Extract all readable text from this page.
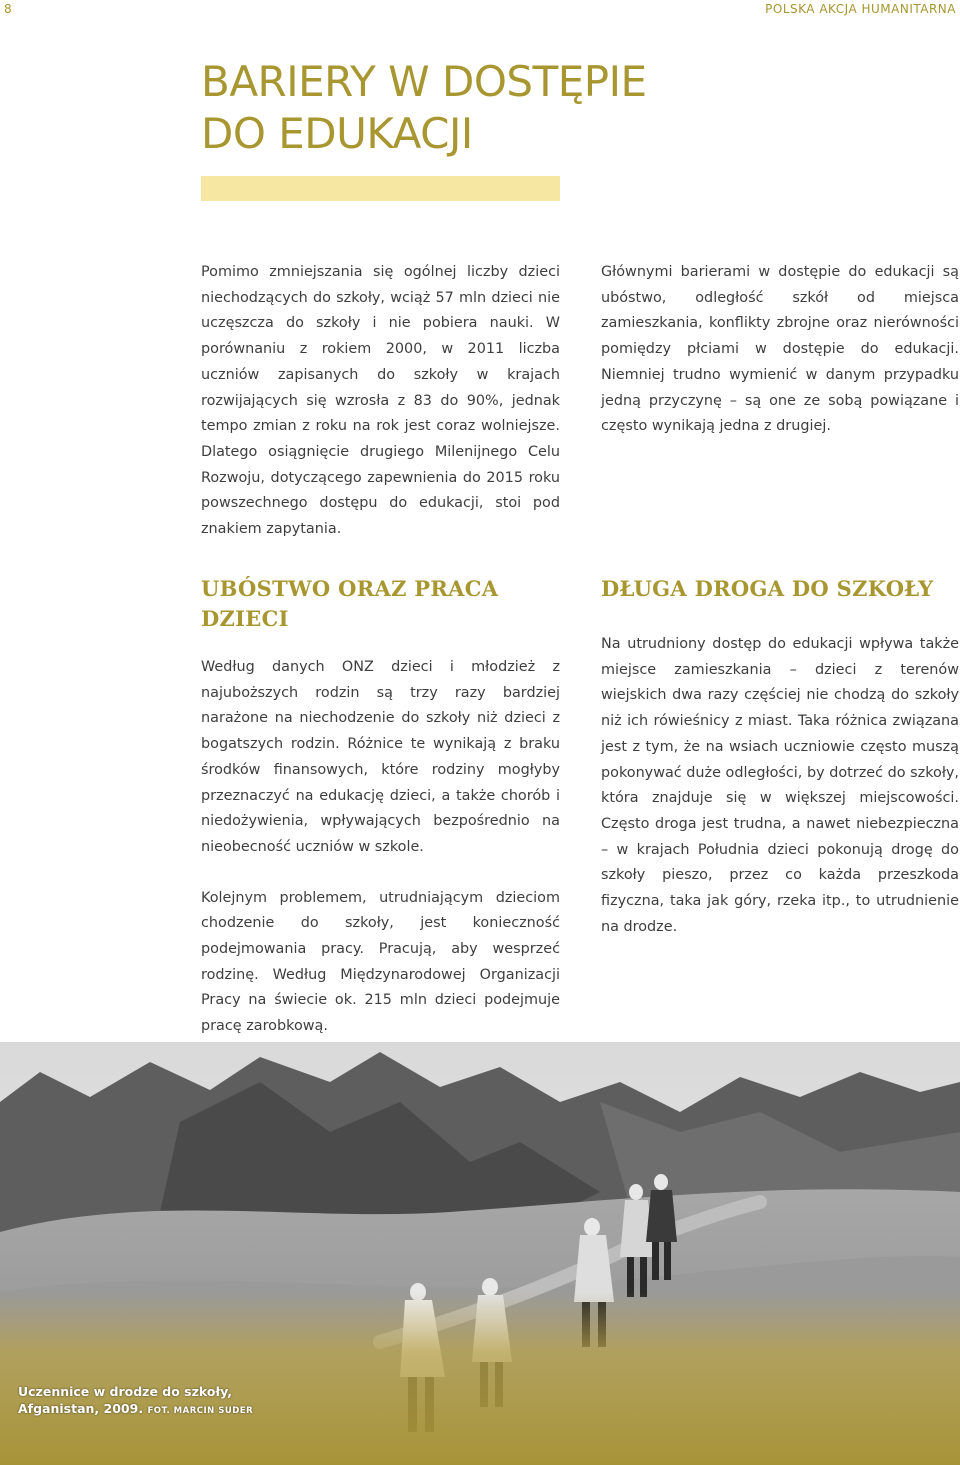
8	POLSKA AKCJA HUMANITARNA
BARIERY W DOSTĘPIE
DO EDUKACJI

Pomimo zmniejszania się ogólnej liczby dzieci niechodzących do szkoły, wciąż 57 mln dzieci nie uczęszcza do szkoły i nie pobiera nauki. W porównaniu z rokiem 2000, w 2011 liczba uczniów zapisanych do szkoły w krajach rozwijających się wzrosła z 83 do 90%, jednak tempo zmian z roku na rok jest coraz wolniejsze. Dlatego osiągnięcie drugiego Milenijnego Celu Rozwoju, dotyczącego zapewnienia do 2015 roku powszechnego dostępu do edukacji, stoi pod znakiem zapytania.

Głównymi barierami w dostępie do edukacji są ubóstwo, odległość szkół od miejsca zamieszkania, konflikty zbrojne oraz nierówności pomiędzy płciami w dostępie do edukacji. Niemniej trudno wymienić w danym przypadku jedną przyczynę – są one ze sobą powiązane i często wynikają jedna z drugiej.

UBÓSTWO ORAZ PRACA
DZIECI
DŁUGA DROGA DO SZKOŁY

Według danych ONZ dzieci i młodzież z najuboższych rodzin są trzy razy bardziej narażone na niechodzenie do szkoły niż dzieci z bogatszych rodzin. Różnice te wynikają z braku środków finansowych, które rodziny mogłyby przeznaczyć na edukację dzieci, a także chorób i niedożywienia, wpływających bezpośrednio na nieobecność uczniów w szkole.

Kolejnym problemem, utrudniającym dzieciom chodzenie do szkoły, jest konieczność podejmowania pracy. Pracują, aby wesprzeć rodzinę. Według Międzynarodowej Organizacji Pracy na świecie ok. 215 mln dzieci podejmuje pracę zarobkową.

Na utrudniony dostęp do edukacji wpływa także miejsce zamieszkania – dzieci z terenów wiejskich dwa razy częściej nie chodzą do szkoły niż ich rówieśnicy z miast. Taka różnica związana jest z tym, że na wsiach uczniowie często muszą pokonywać duże odległości, by dotrzeć do szkoły, która znajduje się w większej miejscowości. Często droga jest trudna, a nawet niebezpieczna – w krajach Południa dzieci pokonują drogę do szkoły pieszo, przez co każda przeszkoda fizyczna, taka jak góry, rzeka itp., to utrudnienie na drodze.

Uczennice w drodze do szkoły,
Afganistan, 2009. FOT. MARCIN SUDER
